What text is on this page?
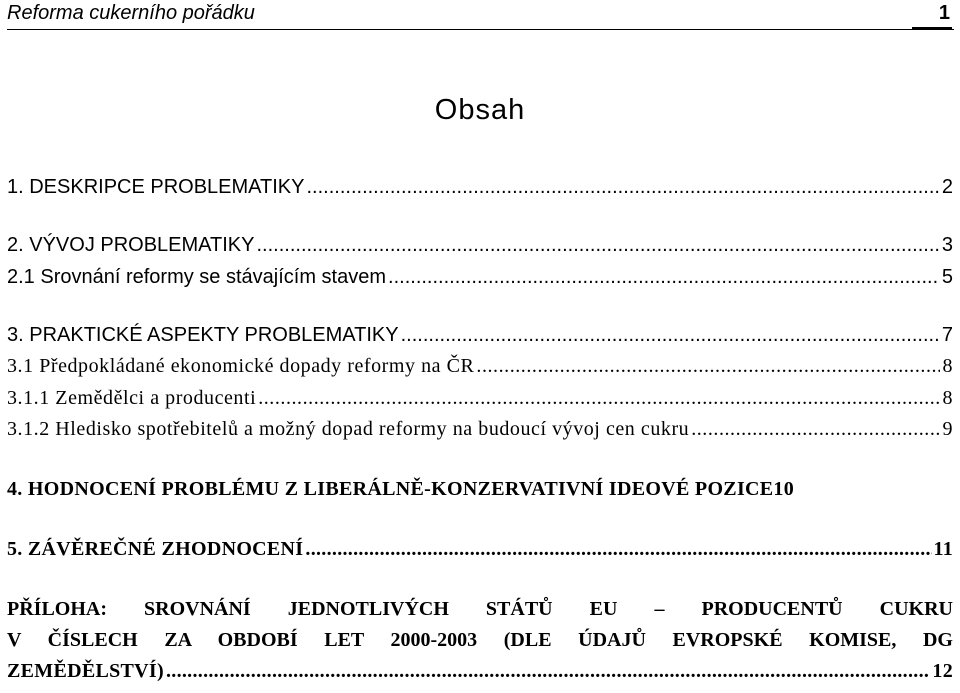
Reforma cukerního pořádku	1
Obsah
1. DESKRIPCE PROBLEMATIKY .....	2
2. VÝVOJ PROBLEMATIKY .....	3
2.1 Srovnání reformy se stávajícím stavem .....	5
3. PRAKTICKÉ ASPEKTY PROBLEMATIKY .....	7
3.1 Předpokládané ekonomické dopady reformy na ČR .....	8
3.1.1 Zemědělci a producenti .....	8
3.1.2 Hledisko spotřebitelů a možný dopad reformy na budoucí vývoj cen cukru .....	9
4. HODNOCENÍ PROBLÉMU Z LIBERÁLNĚ-KONZERVATIVNÍ IDEOVÉ POZICE 10
5. ZÁVĚREČNÉ ZHODNOCENÍ .....	11
PŘÍLOHA: SROVNÁNÍ JEDNOTLIVÝCH STÁTŮ EU – PRODUCENTŮ CUKRU
V ČÍSLECH ZA OBDOBÍ LET 2000-2003 (DLE ÚDAJŮ EVROPSKÉ KOMISE, DG
ZEMĚDĚLSTVÍ) .....	12
